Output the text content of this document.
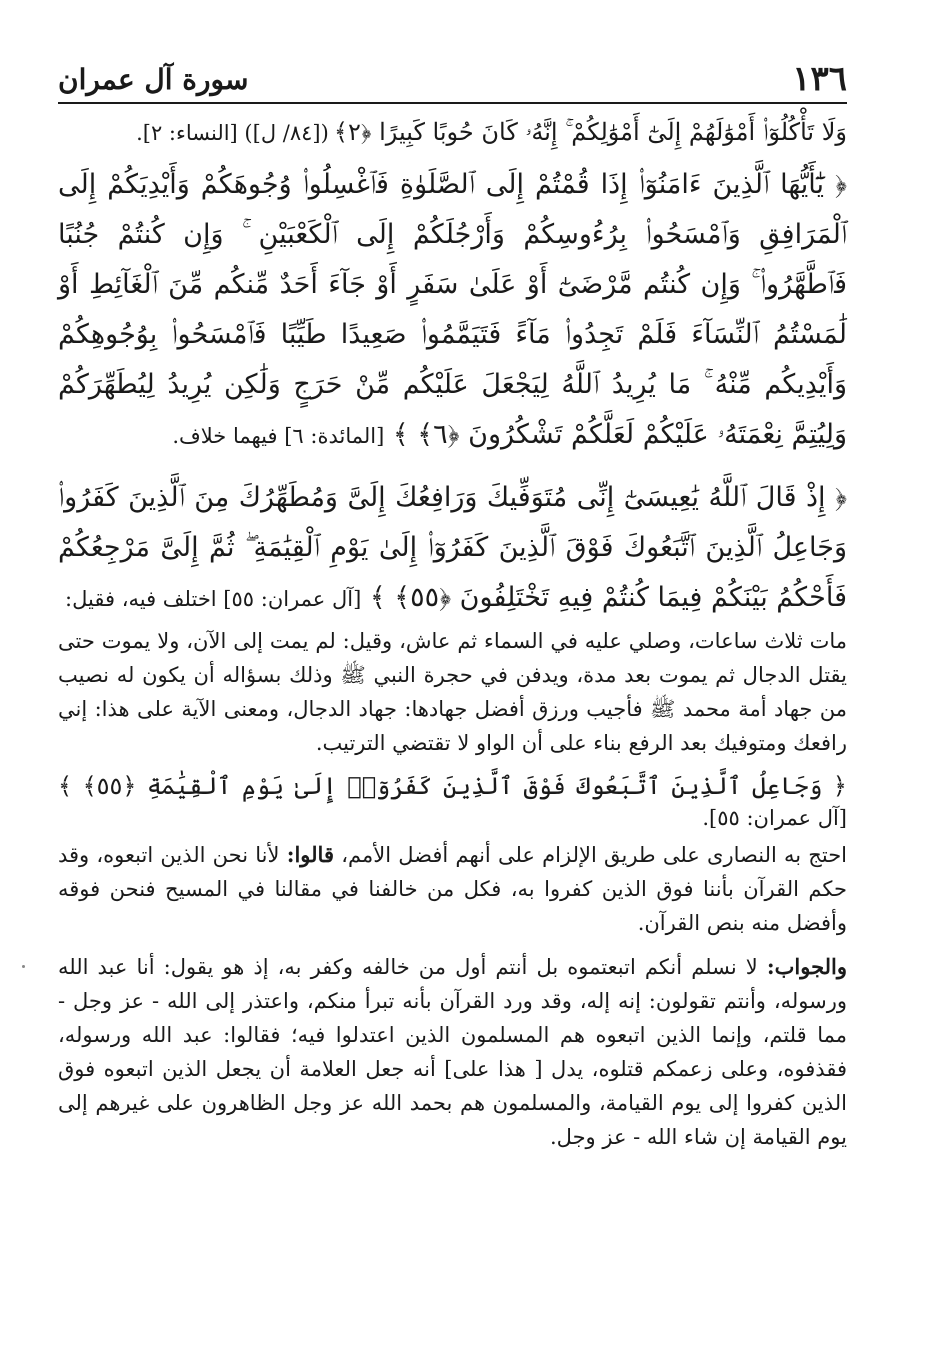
١٣٦
سورة آل عمران

وَلَا تَأْكُلُوٓا۟ أَمْوَٰلَهُمْ إِلَىٰٓ أَمْوَٰلِكُمْ ۚ إِنَّهُۥ كَانَ حُوبًا كَبِيرًا ﴿٢﴾ ([٨٤/ ل]) [النساء: ٢].

﴿ يَٰٓأَيُّهَا ٱلَّذِينَ ءَامَنُوٓا۟ إِذَا قُمْتُمْ إِلَى ٱلصَّلَوٰةِ فَٱغْسِلُوا۟ وُجُوهَكُمْ وَأَيْدِيَكُمْ إِلَى ٱلْمَرَافِقِ وَٱمْسَحُوا۟ بِرُءُوسِكُمْ وَأَرْجُلَكُمْ إِلَى ٱلْكَعْبَيْنِ ۚ وَإِن كُنتُمْ جُنُبًا فَٱطَّهَّرُوا۟ ۚ وَإِن كُنتُم مَّرْضَىٰٓ أَوْ عَلَىٰ سَفَرٍ أَوْ جَآءَ أَحَدٌ مِّنكُم مِّنَ ٱلْغَآئِطِ أَوْ لَٰمَسْتُمُ ٱلنِّسَآءَ فَلَمْ تَجِدُوا۟ مَآءً فَتَيَمَّمُوا۟ صَعِيدًا طَيِّبًا فَٱمْسَحُوا۟ بِوُجُوهِكُمْ وَأَيْدِيكُم مِّنْهُ ۚ مَا يُرِيدُ ٱللَّهُ لِيَجْعَلَ عَلَيْكُم مِّنْ حَرَجٍ وَلَٰكِن يُرِيدُ لِيُطَهِّرَكُمْ وَلِيُتِمَّ نِعْمَتَهُۥ عَلَيْكُمْ لَعَلَّكُمْ تَشْكُرُونَ ﴿٦﴾ ﴾ [المائدة: ٦] فيهما خلاف.

﴿ إِذْ قَالَ ٱللَّهُ يَٰعِيسَىٰٓ إِنِّى مُتَوَفِّيكَ وَرَافِعُكَ إِلَىَّ وَمُطَهِّرُكَ مِنَ ٱلَّذِينَ كَفَرُوا۟ وَجَاعِلُ ٱلَّذِينَ ٱتَّبَعُوكَ فَوْقَ ٱلَّذِينَ كَفَرُوٓا۟ إِلَىٰ يَوْمِ ٱلْقِيَٰمَةِ ۖ ثُمَّ إِلَىَّ مَرْجِعُكُمْ فَأَحْكُمُ بَيْنَكُمْ فِيمَا كُنتُمْ فِيهِ تَخْتَلِفُونَ ﴿٥٥﴾ ﴾ [آل عمران: ٥٥] اختلف فيه، فقيل:

مات ثلاث ساعات، وصلي عليه في السماء ثم عاش، وقيل: لم يمت إلى الآن، ولا يموت حتى يقتل الدجال ثم يموت بعد مدة، ويدفن في حجرة النبي ﷺ وذلك بسؤاله أن يكون له نصيب من جهاد أمة محمد ﷺ فأجيب ورزق أفضل جهادها: جهاد الدجال، ومعنى الآية على هذا: إني رافعك ومتوفيك بعد الرفع بناء على أن الواو لا تقتضي الترتيب.

﴿ وَجَاعِلُ ٱلَّذِينَ ٱتَّبَعُوكَ فَوْقَ ٱلَّذِينَ كَفَرُوٓا۟ إِلَىٰ يَوْمِ ٱلْقِيَٰمَةِ ﴿٥٥﴾ ﴾ [آل عمران: ٥٥].

احتج به النصارى على طريق الإلزام على أنهم أفضل الأمم، قالوا: لأنا نحن الذين اتبعوه، وقد حكم القرآن بأننا فوق الذين كفروا به، فكل من خالفنا في مقالنا في المسيح فنحن فوقه وأفضل منه بنص القرآن.

والجواب: لا نسلم أنكم اتبعتموه بل أنتم أول من خالفه وكفر به، إذ هو يقول: أنا عبد الله ورسوله، وأنتم تقولون: إنه إله، وقد ورد القرآن بأنه تبرأ منكم، واعتذر إلى الله - عز وجل - مما قلتم، وإنما الذين اتبعوه هم المسلمون الذين اعتدلوا فيه؛ فقالوا: عبد الله ورسوله، فقذفوه، وعلى زعمكم قتلوه، يدل [ هذا على] أنه جعل العلامة أن يجعل الذين اتبعوه فوق الذين كفروا إلى يوم القيامة، والمسلمون هم بحمد الله عز وجل الظاهرون على غيرهم إلى يوم القيامة إن شاء الله - عز وجل.
